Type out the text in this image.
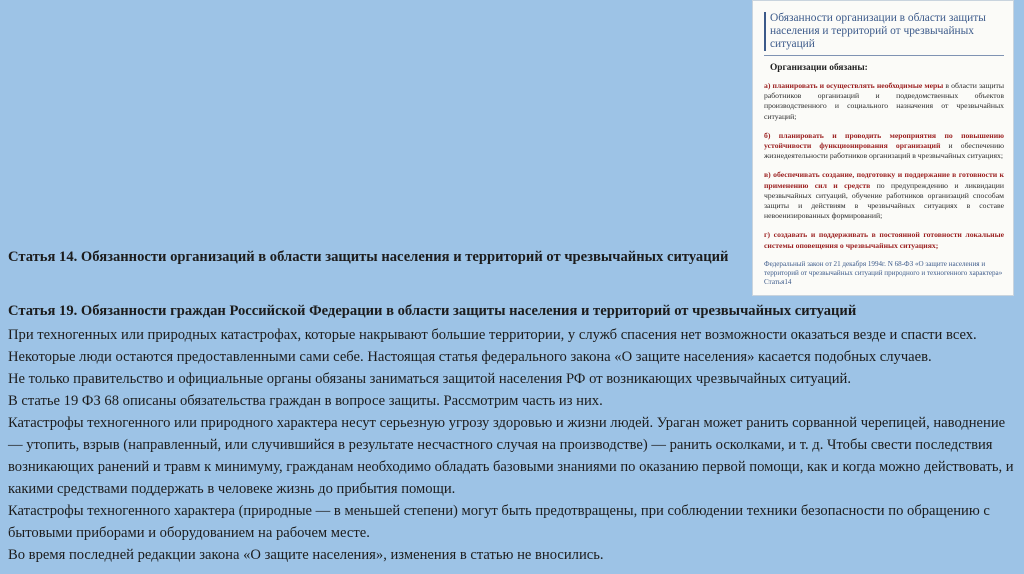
Обязанности организации в области защиты населения и территорий от чрезвычайных ситуаций
Организации обязаны:
а) планировать и осуществлять необходимые меры в области защиты работников организаций и подведомственных объектов производственного и социального назначения от чрезвычайных ситуаций;
б) планировать и проводить мероприятия по повышению устойчивости функционирования организаций и обеспечению жизнедеятельности работников организаций в чрезвычайных ситуациях;
в) обеспечивать создание, подготовку и поддержание в готовности к применению сил и средств по предупреждению и ликвидации чрезвычайных ситуаций, обучение работников организаций способам защиты и действиям в чрезвычайных ситуациях в составе невоенизированных формирований;
г) создавать и поддерживать в постоянной готовности локальные системы оповещения о чрезвычайных ситуациях;
Федеральный закон от 21 декабря 1994г. N 68-ФЗ «О защите населения и территорий от чрезвычайных ситуаций природного и техногенного характера» Статья14
Статья 14. Обязанности организаций в области защиты населения и территорий от чрезвычайных ситуаций
Статья 19. Обязанности граждан Российской Федерации в области защиты населения и территорий от чрезвычайных ситуаций

При техногенных или природных катастрофах, которые накрывают большие территории, у служб спасения нет возможности оказаться везде и спасти всех.

Некоторые люди остаются предоставленными сами себе. Настоящая статья федерального закона «О защите населения» касается подобных случаев.

Не только правительство и официальные органы обязаны заниматься защитой населения РФ от возникающих чрезвычайных ситуаций.

В статье 19 ФЗ 68 описаны обязательства граждан в вопросе защиты. Рассмотрим часть из них.

Катастрофы техногенного или природного характера несут серьезную угрозу здоровью и жизни людей. Ураган может ранить сорванной черепицей, наводнение — утопить, взрыв (направленный, или случившийся в результате несчастного случая на производстве) — ранить осколками, и т. д. Чтобы свести последствия возникающих ранений и травм к минимуму, гражданам необходимо обладать базовыми знаниями по оказанию первой помощи, как и когда можно действовать, и какими средствами поддержать в человеке жизнь до прибытия помощи.

Катастрофы техногенного характера (природные — в меньшей степени) могут быть предотвращены, при соблюдении техники безопасности по обращению с бытовыми приборами и оборудованием на рабочем месте.

Во время последней редакции закона «О защите населения», изменения в статью не вносились.
